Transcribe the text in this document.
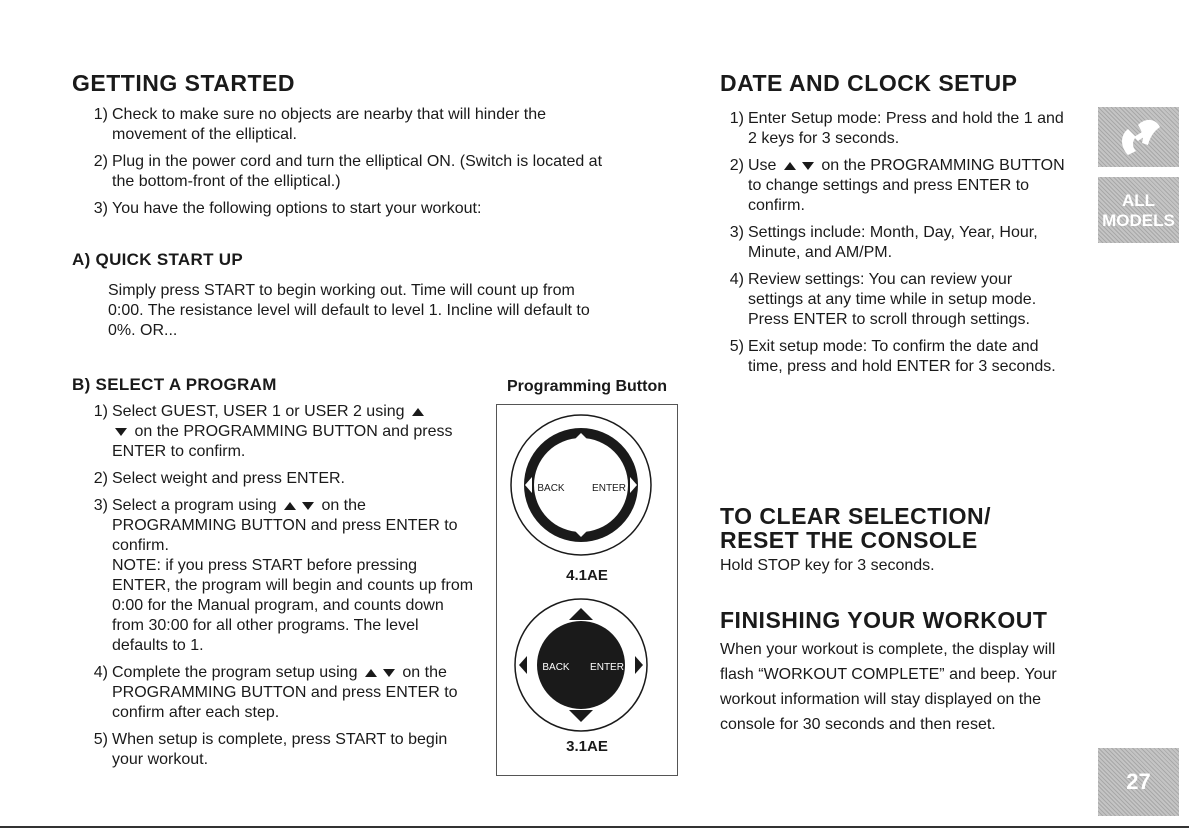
GETTING STARTED
1) Check to make sure no objects are nearby that will hinder the movement of the elliptical.
2) Plug in the power cord and turn the elliptical ON. (Switch is located at the bottom-front of the elliptical.)
3) You have the following options to start your workout:
A) QUICK START UP

Simply press START to begin working out. Time will count up from 0:00. The resistance level will default to level 1. Incline will default to 0%. OR...

B) SELECT A PROGRAM
1) Select GUEST, USER 1 or USER 2 using
on the PROGRAMMING BUTTON and press ENTER to confirm.
2) Select weight and press ENTER.
3) Select a program using	on the PROGRAMMING BUTTON and press ENTER to confirm.
NOTE: if you press START before pressing ENTER, the program will begin and counts up from 0:00 for the Manual program, and counts down from 30:00 for all other programs. The level defaults to 1.
4) Complete the program setup using	on the PROGRAMMING BUTTON and press ENTER to confirm after each step.
5) When setup is complete, press START to begin your workout.
Programming Button
BACK	ENTER
4.1AE
BACK ENTER
3.1AE
DATE AND CLOCK SETUP
1) Enter Setup mode: Press and hold the 1 and 2 keys for 3 seconds.
2) Use	on the PROGRAMMING BUTTON to change settings and press ENTER to confirm.
3) Settings include: Month, Day, Year, Hour, Minute, and AM/PM.
4) Review settings: You can review your settings at any time while in setup mode. Press ENTER to scroll through settings.
5) Exit setup mode: To confirm the date and time, press and hold ENTER for 3 seconds.
TO CLEAR SELECTION/
RESET THE CONSOLE

Hold STOP key for 3 seconds.

FINISHING YOUR WORKOUT

When your workout is complete, the display will flash “WORKOUT COMPLETE” and beep. Your workout information will stay displayed on the console for 30 seconds and then reset.

ALL
MODELS
27
